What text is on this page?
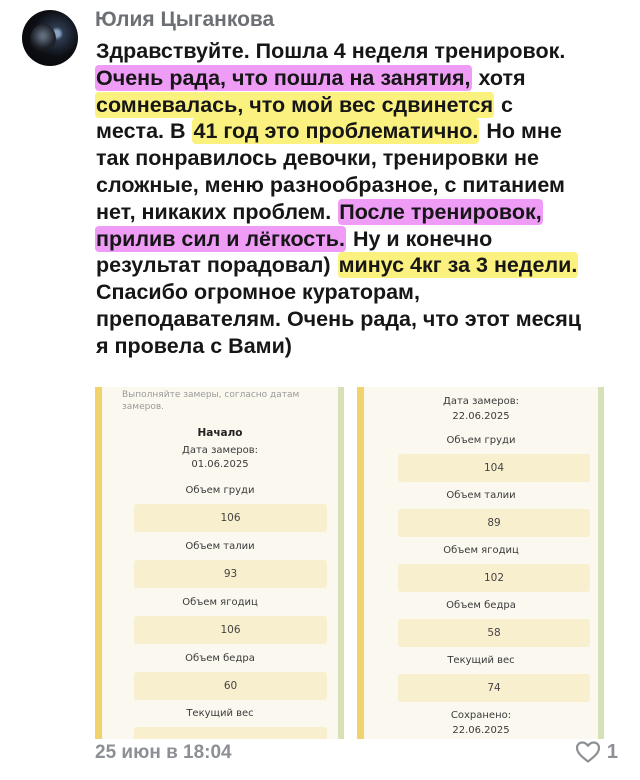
Юлия Цыганкова
Здравствуйте. Пошла 4 неделя тренировок.
Очень рада, что пошла на занятия, хотя
сомневалась, что мой вес сдвинется с
места. В 41 год это проблематично. Но мне
так понравилось девочки, тренировки не
сложные, меню разнообразное, с питанием
нет, никаких проблем. После тренировок,
прилив сил и лёгкость. Ну и конечно
результат порадовал) минус 4кг за 3 недели.
Спасибо огромное кураторам,
преподавателям. Очень рада, что этот месяц
я провела с Вами)
Выполняйте замеры, согласно датам замеров.
Начало
Дата замеров:
01.06.2025
Объем груди
106
Объем талии
93
Объем ягодиц
106
Объем бедра
60
Текущий вес
Дата замеров:
22.06.2025
Объем груди
104
Объем талии
89
Объем ягодиц
102
Объем бедра
58
Текущий вес
74
Сохранено:
22.06.2025
25 июн в 18:04	1
